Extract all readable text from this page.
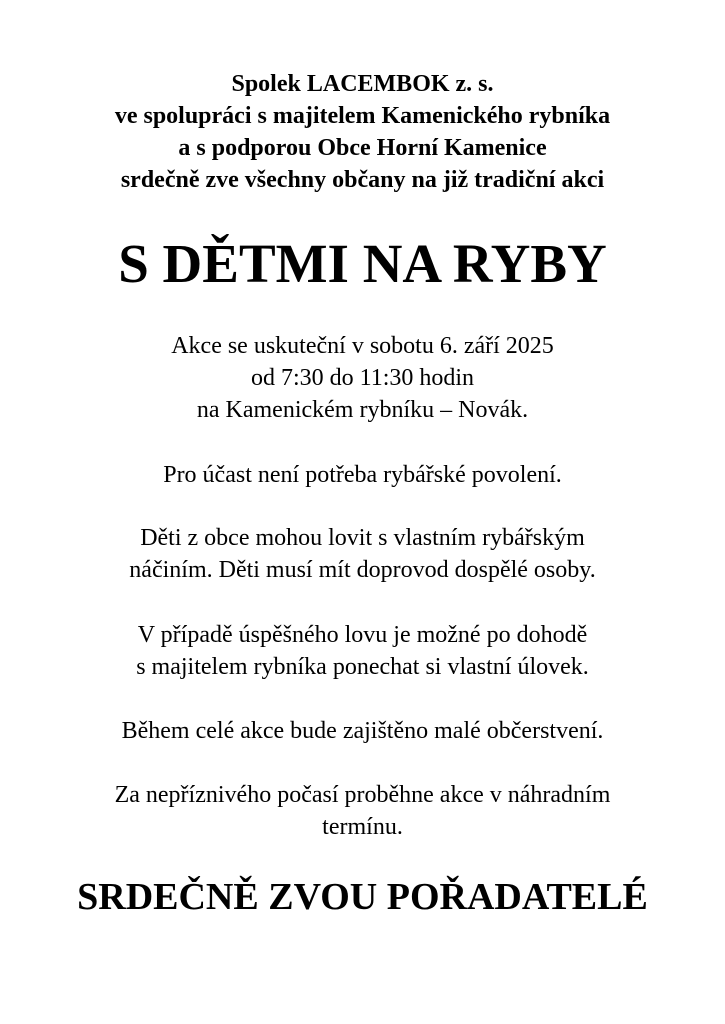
Spolek LACEMBOK z. s.
ve spolupráci s majitelem Kamenického rybníka
a s podporou Obce Horní Kamenice
srdečně zve všechny občany na již tradiční akci
S DĚTMI NA RYBY
Akce se uskuteční v sobotu 6. září 2025
od 7:30 do 11:30 hodin
na Kamenickém rybníku – Novák.
Pro účast není potřeba rybářské povolení.
Děti z obce mohou lovit s vlastním rybářským
náčiním. Děti musí mít doprovod dospělé osoby.
V případě úspěšného lovu je možné po dohodě
s majitelem rybníka ponechat si vlastní úlovek.
Během celé akce bude zajištěno malé občerstvení.
Za nepříznivého počasí proběhne akce v náhradním
termínu.
SRDEČNĚ ZVOU POŘADATELÉ
